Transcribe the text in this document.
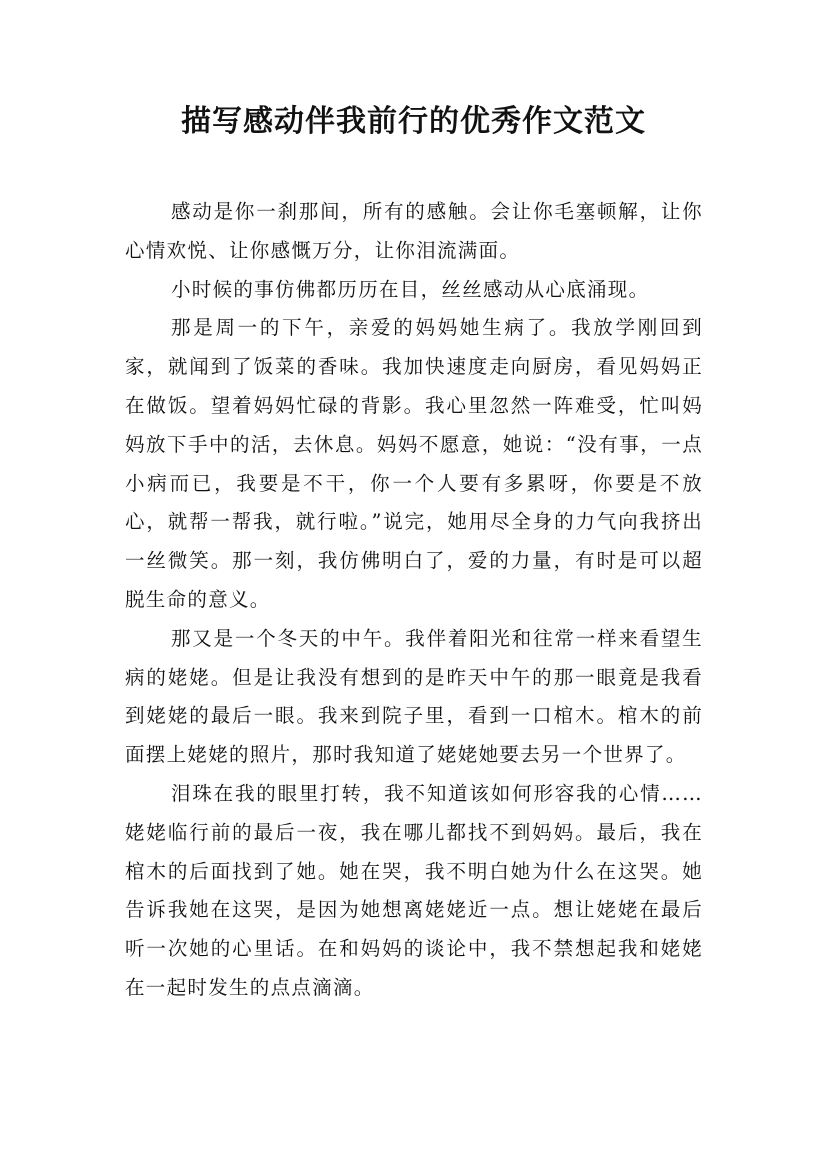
描写感动伴我前行的优秀作文范文

感动是你一刹那间，所有的感触。会让你毛塞顿解，让你心情欢悦、让你感慨万分，让你泪流满面。

小时候的事仿佛都历历在目，丝丝感动从心底涌现。

那是周一的下午，亲爱的妈妈她生病了。我放学刚回到家，就闻到了饭菜的香味。我加快速度走向厨房，看见妈妈正在做饭。望着妈妈忙碌的背影。我心里忽然一阵难受，忙叫妈妈放下手中的活，去休息。妈妈不愿意，她说：“没有事，一点小病而已，我要是不干，你一个人要有多累呀，你要是不放心，就帮一帮我，就行啦。”说完，她用尽全身的力气向我挤出一丝微笑。那一刻，我仿佛明白了，爱的力量，有时是可以超脱生命的意义。

那又是一个冬天的中午。我伴着阳光和往常一样来看望生病的姥姥。但是让我没有想到的是昨天中午的那一眼竟是我看到姥姥的最后一眼。我来到院子里，看到一口棺木。棺木的前面摆上姥姥的照片，那时我知道了姥姥她要去另一个世界了。

泪珠在我的眼里打转，我不知道该如何形容我的心情……姥姥临行前的最后一夜，我在哪儿都找不到妈妈。最后，我在棺木的后面找到了她。她在哭，我不明白她为什么在这哭。她告诉我她在这哭，是因为她想离姥姥近一点。想让姥姥在最后听一次她的心里话。在和妈妈的谈论中，我不禁想起我和姥姥在一起时发生的点点滴滴。
